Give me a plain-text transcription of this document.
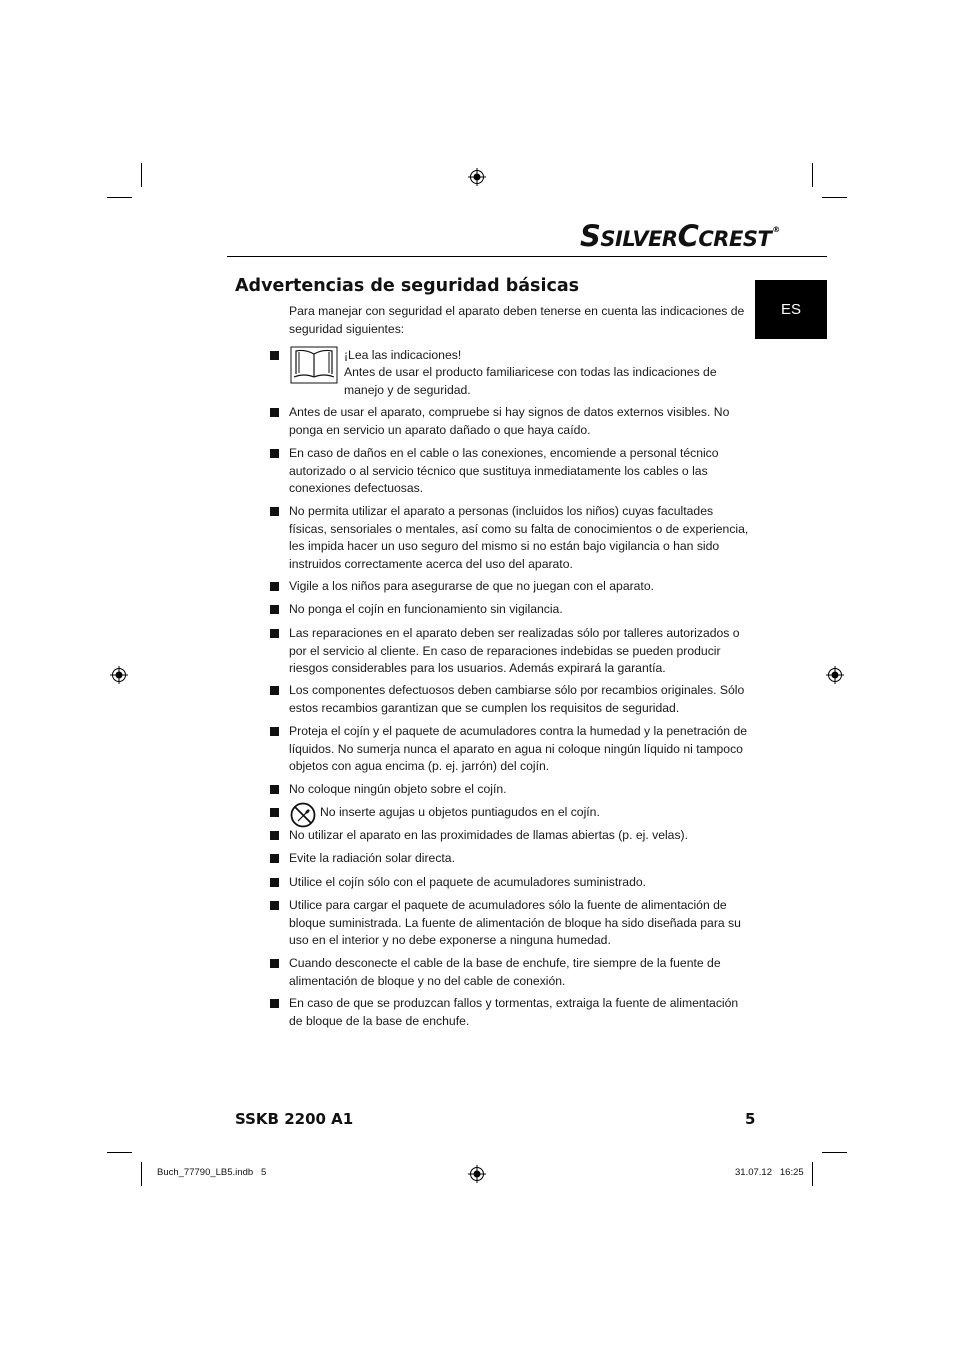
SSILVERCCREST®
ES
Advertencias de seguridad básicas
Para manejar con seguridad el aparato deben tenerse en cuenta las indicaciones de seguridad siguientes:
¡Lea las indicaciones!
Antes de usar el producto familiaricese con todas las indicaciones de manejo y de seguridad.
Antes de usar el aparato, compruebe si hay signos de datos externos visibles. No ponga en servicio un aparato dañado o que haya caído.
En caso de daños en el cable o las conexiones, encomiende a personal técnico autorizado o al servicio técnico que sustituya inmediatamente los cables o las conexiones defectuosas.
No permita utilizar el aparato a personas (incluidos los niños) cuyas facultades físicas, sensoriales o mentales, así como su falta de conocimientos o de experiencia, les impida hacer un uso seguro del mismo si no están bajo vigilancia o han sido instruidos correctamente acerca del uso del aparato.
Vigile a los niños para asegurarse de que no juegan con el aparato.
No ponga el cojín en funcionamiento sin vigilancia.
Las reparaciones en el aparato deben ser realizadas sólo por talleres autorizados o por el servicio al cliente. En caso de reparaciones indebidas se pueden producir riesgos considerables para los usuarios. Además expirará la garantía.
Los componentes defectuosos deben cambiarse sólo por recambios originales. Sólo estos recambios garantizan que se cumplen los requisitos de seguridad.
Proteja el cojín y el paquete de acumuladores contra la humedad y la penetración de líquidos. No sumerja nunca el aparato en agua ni coloque ningún líquido ni tampoco objetos con agua encima (p. ej. jarrón) del cojín.
No coloque ningún objeto sobre el cojín.
No inserte agujas u objetos puntiagudos en el cojín.
No utilizar el aparato en las proximidades de llamas abiertas (p. ej. velas).
Evite la radiación solar directa.
Utilice el cojín sólo con el paquete de acumuladores suministrado.
Utilice para cargar el paquete de acumuladores sólo la fuente de alimentación de bloque suministrada. La fuente de alimentación de bloque ha sido diseñada para su uso en el interior y no debe exponerse a ninguna humedad.
Cuando desconecte el cable de la base de enchufe, tire siempre de la fuente de alimentación de bloque y no del cable de conexión.
En caso de que se produzcan fallos y tormentas, extraiga la fuente de alimentación de bloque de la base de enchufe.
SSKB 2200 A1	5
Buch_77790_LB5.indb   5	31.07.12   16:25
